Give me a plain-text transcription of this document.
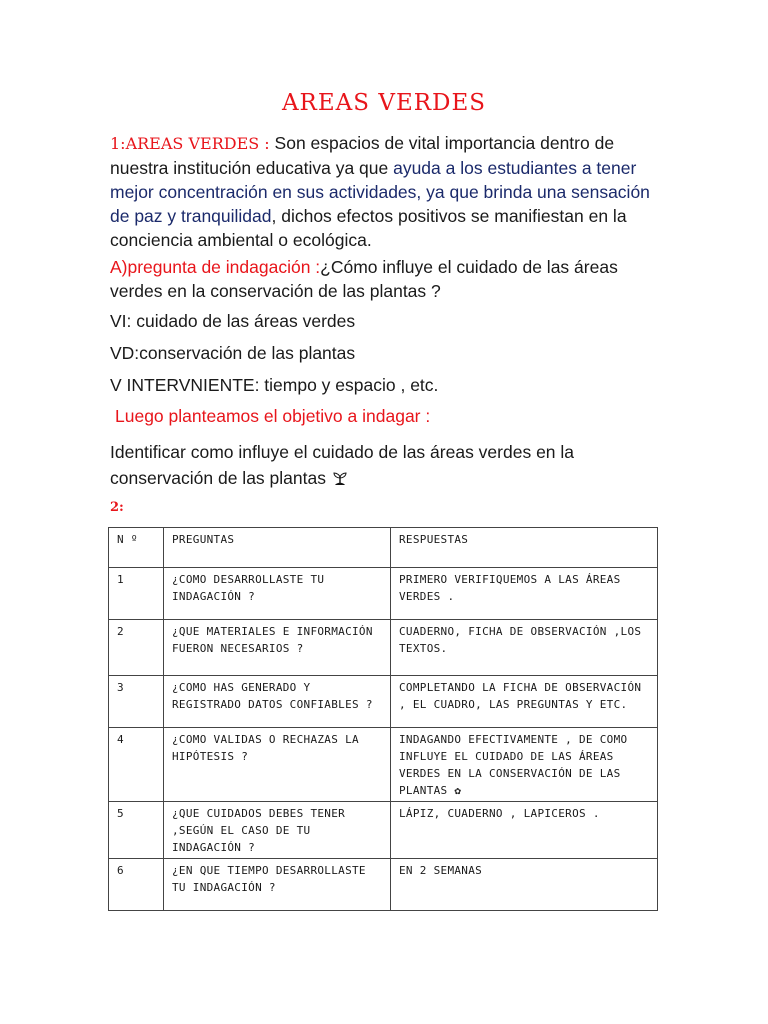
AREAS VERDES
1:AREAS VERDES : Son espacios de vital importancia dentro de nuestra institución educativa ya que ayuda a los estudiantes a tener mejor concentración en sus actividades, ya que brinda una sensación de paz y tranquilidad, dichos efectos positivos se manifiestan en la conciencia ambiental o ecológica.
A)pregunta de indagación :¿Cómo influye el cuidado de las áreas verdes en la conservación de las plantas ?
VI: cuidado de las áreas verdes
VD:conservación de las plantas
V INTERVNIENTE: tiempo y espacio , etc.
Luego planteamos el objetivo a indagar :
Identificar como influye el cuidado de las áreas verdes en la conservación de las plantas
2:
N º	PREGUNTAS	RESPUESTAS
1	¿COMO DESARROLLASTE TU INDAGACIÓN ?	PRIMERO VERIFIQUEMOS A LAS ÁREAS VERDES .
2	¿QUE MATERIALES E INFORMACIÓN FUERON NECESARIOS ?	CUADERNO, FICHA DE OBSERVACIÓN ,LOS TEXTOS.
3	¿COMO HAS GENERADO Y REGISTRADO DATOS CONFIABLES ?	COMPLETANDO LA FICHA DE OBSERVACIÓN , EL CUADRO, LAS PREGUNTAS Y ETC.
4	¿COMO VALIDAS O RECHAZAS LA HIPÓTESIS ?	INDAGANDO EFECTIVAMENTE , DE COMO INFLUYE EL CUIDADO DE LAS ÁREAS VERDES EN LA CONSERVACIÓN DE LAS PLANTAS ✿
5	¿QUE CUIDADOS DEBES TENER ,SEGÚN EL CASO DE TU INDAGACIÓN ?	LÁPIZ, CUADERNO , LAPICEROS .
6	¿EN QUE TIEMPO DESARROLLASTE TU INDAGACIÓN ?	EN 2 SEMANAS
